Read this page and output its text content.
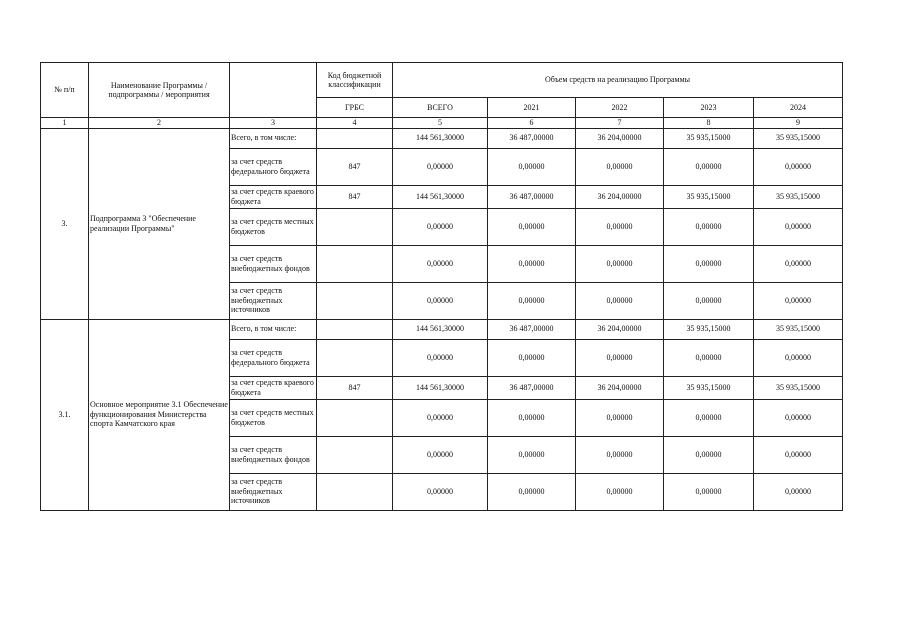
№ п/п	Наименование Программы / подпрограммы / мероприятия		Код бюджетной классификации	Объем средств на реализацию Программы				
			ГРБС	ВСЕГО	2021	2022	2023	2024
1	2	3	4	5	6	7	8	9
3.	Подпрограмма 3 "Обеспечение реализации Программы"	Всего, в том числе:		144 561,30000	36 487,00000	36 204,00000	35 935,15000	35 935,15000
		за счет средств федерального бюджета	847	0,00000	0,00000	0,00000	0,00000	0,00000
		за счет средств краевого бюджета	847	144 561,30000	36 487,00000	36 204,00000	35 935,15000	35 935,15000
		за счет средств местных бюджетов		0,00000	0,00000	0,00000	0,00000	0,00000
		за счет средств внебюджетных фондов		0,00000	0,00000	0,00000	0,00000	0,00000
		за счет средств внебюджетных источников		0,00000	0,00000	0,00000	0,00000	0,00000
3.1.	Основное мероприятие 3.1 Обеспечение функционирования Министерства спорта Камчатского края	Всего, в том числе:		144 561,30000	36 487,00000	36 204,00000	35 935,15000	35 935,15000
		за счет средств федерального бюджета		0,00000	0,00000	0,00000	0,00000	0,00000
		за счет средств краевого бюджета	847	144 561,30000	36 487,00000	36 204,00000	35 935,15000	35 935,15000
		за счет средств местных бюджетов		0,00000	0,00000	0,00000	0,00000	0,00000
		за счет средств внебюджетных фондов		0,00000	0,00000	0,00000	0,00000	0,00000
		за счет средств внебюджетных источников		0,00000	0,00000	0,00000	0,00000	0,00000
